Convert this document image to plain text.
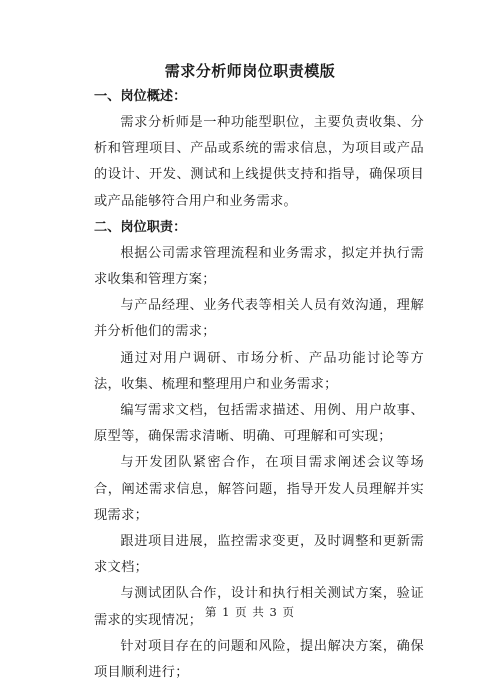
需求分析师岗位职责模版
一、岗位概述：

需求分析师是一种功能型职位，主要负责收集、分析和管理项目、产品或系统的需求信息，为项目或产品的设计、开发、测试和上线提供支持和指导，确保项目或产品能够符合用户和业务需求。

二、岗位职责：

根据公司需求管理流程和业务需求，拟定并执行需求收集和管理方案；

与产品经理、业务代表等相关人员有效沟通，理解并分析他们的需求；

通过对用户调研、市场分析、产品功能讨论等方法，收集、梳理和整理用户和业务需求；

编写需求文档，包括需求描述、用例、用户故事、原型等，确保需求清晰、明确、可理解和可实现；

与开发团队紧密合作，在项目需求阐述会议等场合，阐述需求信息，解答问题，指导开发人员理解并实现需求；

跟进项目进展，监控需求变更，及时调整和更新需求文档；

与测试团队合作，设计和执行相关测试方案，验证需求的实现情况；

针对项目存在的问题和风险，提出解决方案，确保项目顺利进行；

第 1 页 共 3 页
